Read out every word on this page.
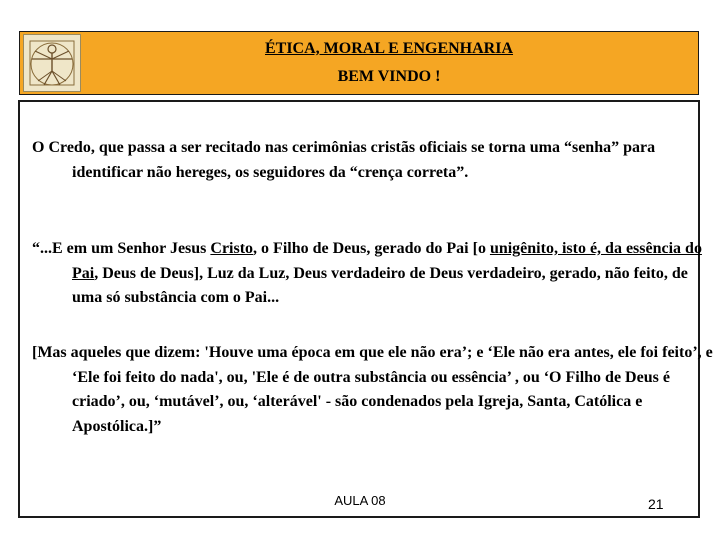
ÉTICA, MORAL E ENGENHARIA
BEM VINDO !

O Credo, que passa a ser recitado nas cerimônias cristãs oficiais se torna uma “senha” para identificar não hereges, os seguidores da “crença correta”.

“...E em um Senhor Jesus Cristo, o Filho de Deus, gerado do Pai [o unigênito, isto é, da essência do Pai, Deus de Deus], Luz da Luz, Deus verdadeiro de Deus verdadeiro, gerado, não feito, de uma só substância com o Pai...

[Mas aqueles que dizem: 'Houve uma época em que ele não era’; e ‘Ele não era antes, ele foi feito’, e ‘Ele foi feito do nada', ou, 'Ele é de outra substância ou essência’ , ou ‘O Filho de Deus é criado’, ou, ‘mutável’, ou, ‘alterável' - são condenados pela Igreja, Santa, Católica e Apostólica.]”

AULA 08	21
